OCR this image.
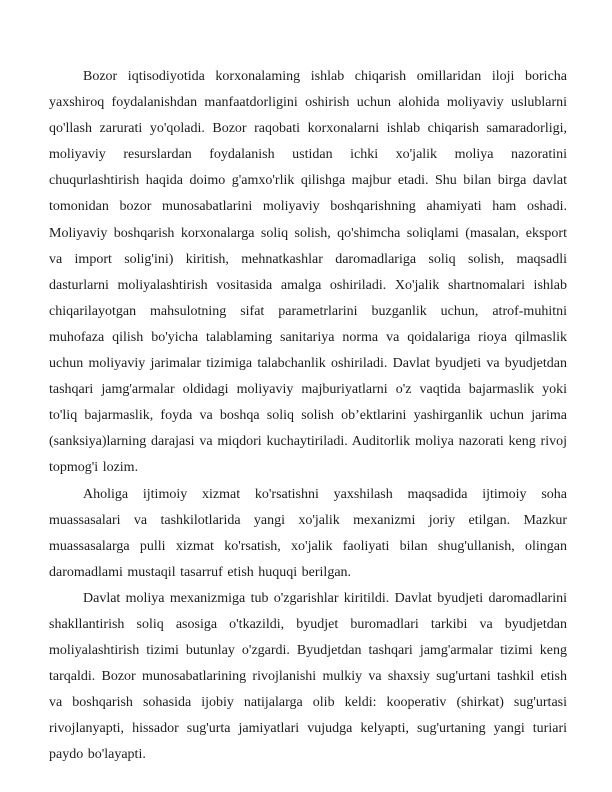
Bozor iqtisodiyotida korxonalaming ishlab chiqarish omillaridan iloji boricha yaxshiroq foydalanishdan manfaatdorligini oshirish uchun alohida moliyaviy uslublarni qo'llash zarurati yo'qoladi. Bozor raqobati korxonalarni ishlab chiqarish samaradorligi, moliyaviy resurslardan foydalanish ustidan ichki xo'jalik moliya nazoratini chuqurlashtirish haqida doimo g'amxo'rlik qilishga majbur etadi. Shu bilan birga davlat tomonidan bozor munosabatlarini moliyaviy boshqarishning ahamiyati ham oshadi. Moliyaviy boshqarish korxonalarga soliq solish, qo'shimcha soliqlami (masalan, eksport va import solig'ini) kiritish, mehnatkashlar daromadlariga soliq solish, maqsadli dasturlarni moliyalashtirish vositasida amalga oshiriladi. Xo'jalik shartnomalari ishlab chiqarilayotgan mahsulotning sifat parametrlarini buzganlik uchun, atrof-muhitni muhofaza qilish bo'yicha talablaming sanitariya norma va qoidalariga rioya qilmaslik uchun moliyaviy jarimalar tizimiga talabchanlik oshiriladi. Davlat byudjeti va byudjetdan tashqari jamg'armalar oldidagi moliyaviy majburiyatlarni o'z vaqtida bajarmaslik yoki to'liq bajarmaslik, foyda va boshqa soliq solish ob’ektlarini yashirganlik uchun jarima (sanksiya)larning darajasi va miqdori kuchaytiriladi. Auditorlik moliya nazorati keng rivoj topmog'i lozim.

Aholiga ijtimoiy xizmat ko'rsatishni yaxshilash maqsadida ijtimoiy soha muassasalari va tashkilotlarida yangi xo'jalik mexanizmi joriy etilgan. Mazkur muassasalarga pulli xizmat ko'rsatish, xo'jalik faoliyati bilan shug'ullanish, olingan daromadlami mustaqil tasarruf etish huquqi berilgan.

Davlat moliya mexanizmiga tub o'zgarishlar kiritildi. Davlat byudjeti daromadlarini shakllantirish soliq asosiga o'tkazildi, byudjet buromadlari tarkibi va byudjetdan moliyalashtirish tizimi butunlay o'zgardi. Byudjetdan tashqari jamg'armalar tizimi keng tarqaldi. Bozor munosabatlarining rivojlanishi mulkiy va shaxsiy sug'urtani tashkil etish va boshqarish sohasida ijobiy natijalarga olib keldi: kooperativ (shirkat) sug'urtasi rivojlanyapti, hissador sug'urta jamiyatlari vujudga kelyapti, sug'urtaning yangi turiari paydo bo'layapti.
